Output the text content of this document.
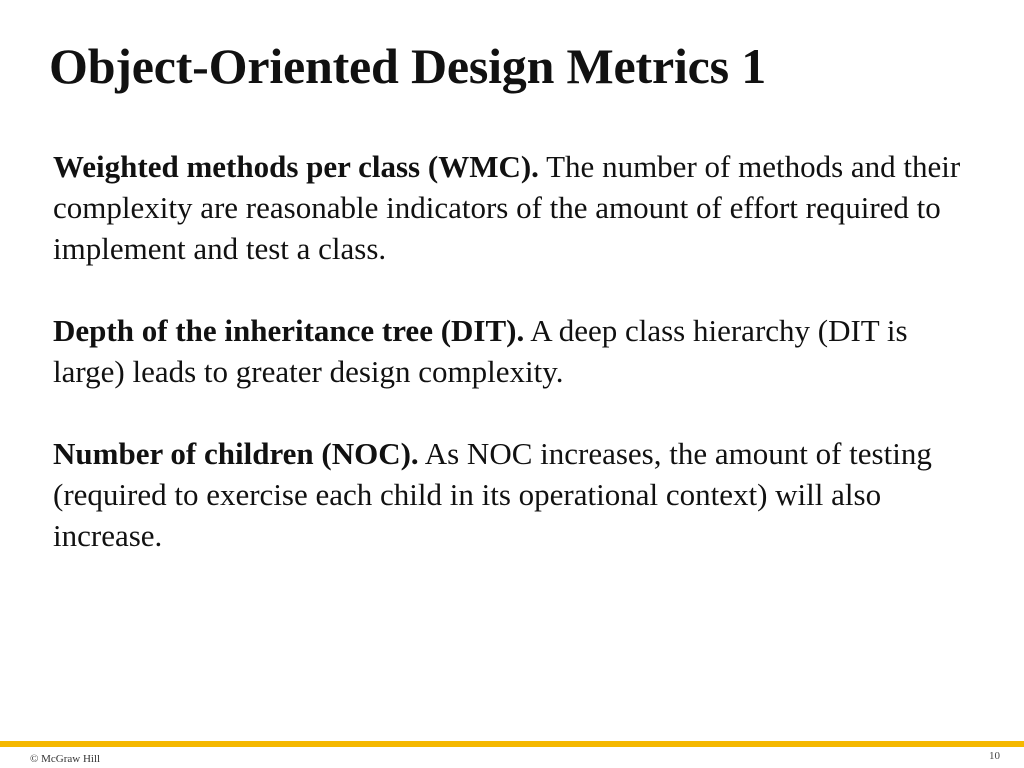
Object-Oriented Design Metrics 1

Weighted methods per class (WMC). The number of methods and their complexity are reasonable indicators of the amount of effort required to implement and test a class.

Depth of the inheritance tree (DIT). A deep class hierarchy (DIT is large) leads to greater design complexity.

Number of children (NOC). As NOC increases, the amount of testing (required to exercise each child in its operational context) will also increase.

© McGraw Hill	10
